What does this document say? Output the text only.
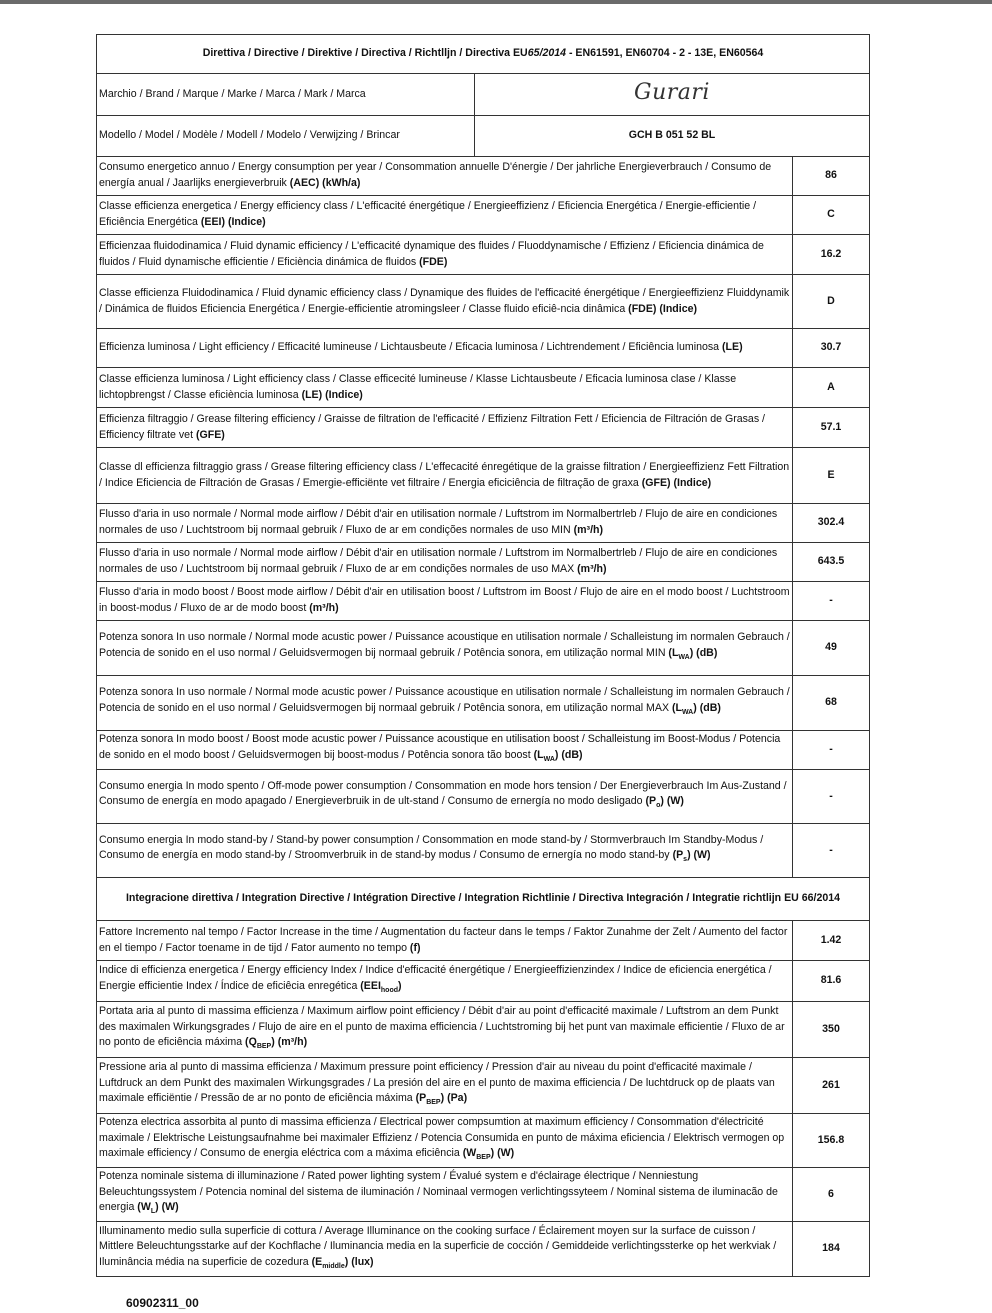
Direttiva / Directive / Direktive / Directiva / Richtlljn / Directiva EU65/2014 - EN61591, EN60704 - 2 - 13E, EN60564		
Marchio / Brand / Marque / Marke / Marca / Mark / Marca	Gurari	
Modello / Model / Modèle / Modell / Modelo / Verwijzing / Brincar	GCH B 051 52 BL	
Consumo energetico annuo / Energy consumption per year / Consommation annuelle D'énergie / Der jahrliche Energieverbrauch / Consumo de energía anual / Jaarlijks energieverbruik (AEC) (kWh/a)		86
Classe efficienza energetica / Energy efficiency class / L'efficacité énergétique / Energieeffizienz / Eficiencia Energética / Energie-efficientie / Eficiência Energética (EEI) (Indice)		C
Efficienzaa fluidodinamica / Fluid dynamic efficiency / L'efficacité dynamique des fluides / Fluoddynamische / Effizienz / Eficiencia dinámica de fluidos / Fluid dynamische efficientie / Eficiència dinámica de fluidos (FDE)		16.2
Classe efficienza Fluidodinamica / Fluid dynamic efficiency class / Dynamique des fluides de l'efficacité énergétique / Energieeffizienz Fluiddynamik / Dinámica de fluidos Eficiencia Energética / Energie-efficientie atromingsleer / Classe fluido eficiê-ncia dinâmica (FDE) (Indice)		D
Efficienza luminosa / Light efficiency / Efficacité lumineuse / Lichtausbeute / Eficacia luminosa / Lichtrendement / Eficiência luminosa (LE)		30.7
Classe efficienza luminosa / Light efficiency class / Classe efficecité lumineuse / Klasse Lichtausbeute / Eficacia luminosa clase / Klasse lichtopbrengst / Classe eficiència luminosa (LE) (Indice)		A
Efficienza filtraggio / Grease filtering efficiency / Graisse de filtration de l'efficacité / Effizienz Filtration Fett / Eficiencia de Filtración de Grasas / Efficiency filtrate vet (GFE)		57.1
Classe dl efficienza filtraggio grass / Grease filtering efficiency class / L'effecacité énregétique de la graisse filtration / Energieeffizienz Fett Filtration / Indice Eficiencia de Filtración de Grasas / Emergie-efficiënte vet filtraire / Energia eficiciência de filtração de graxa (GFE) (Indice)		E
Flusso d'aria in uso normale / Normal mode airflow / Débit d'air en utilisation normale / Luftstrom im Normalbertrleb / Flujo de aire en condiciones normales de uso / Luchtstroom bij normaal gebruik / Fluxo de ar em condições normales de uso MIN (m³/h)		302.4
Flusso d'aria in uso normale / Normal mode airflow / Débit d'air en utilisation normale / Luftstrom im Normalbertrleb / Flujo de aire en condiciones normales de uso / Luchtstroom bij normaal gebruik / Fluxo de ar em condições normales de uso MAX (m³/h)		643.5
Flusso d'aria in modo boost / Boost mode airflow / Débit d'air en utilisation boost / Luftstrom im Boost / Flujo de aire en el modo boost / Luchtstroom in boost-modus / Fluxo de ar de modo boost (m³/h)		-
Potenza sonora In uso normale / Normal mode acustic power / Puissance acoustique en utilisation normale / Schalleistung im normalen Gebrauch / Potencia de sonido en el uso normal / Geluidsvermogen bij normaal gebruik / Potência sonora, em utilização normal MIN $(L_{WA})$ (dB)		49
Potenza sonora In uso normale / Normal mode acustic power / Puissance acoustique en utilisation normale / Schalleistung im normalen Gebrauch / Potencia de sonido en el uso normal / Geluidsvermogen bij normaal gebruik / Potência sonora, em utilização normal MAX $(L_{WA})$ (dB)		68
Potenza sonora In modo boost / Boost mode acustic power / Puissance acoustique en utilisation boost / Schalleistung im Boost-Modus / Potencia de sonido en el modo boost / Geluidsvermogen bij boost-modus / Potência sonora tão boost $(L_{WA})$ (dB)		-
Consumo energia In modo spento / Off-mode power consumption / Consommation en mode hors tension / Der Energieverbrauch Im Aus-Zustand / Consumo de energía en modo apagado / Energieverbruik in de ult-stand / Consumo de ernergía no modo desligado $(P_o)$ (W)		-
Consumo energia In modo stand-by / Stand-by power consumption / Consommation en mode stand-by / Stormverbrauch Im Standby-Modus / Consumo de energía en modo stand-by / Stroomverbruik in de stand-by modus / Consumo de ernergía no modo stand-by $(P_s)$ (W)		-
Integracione direttiva / Integration Directive / Intégration Directive / Integration Richtlinie / Directiva Integración / Integratie richtlijn EU 66/2014		
Fattore Incremento nal tempo / Factor Increase in the time / Augmentation du facteur dans le temps / Faktor Zunahme der Zelt / Aumento del factor en el tiempo / Factor toename in de tijd / Fator aumento no tempo (f)		1.42
Indice di efficienza energetica / Energy efficiency Index / Indice d'efficacité énergétique / Energieeffizienzindex / Indice de eficiencia energética / Energie efficientie Index / Índice de eficiêcia enregética $(EEI_{hood})$		81.6
Portata aria al punto di massima efficienza / Maximum airflow point efficiency / Débit d'air au point d'efficacité maximale / Luftstrom an dem Punkt des maximalen Wirkungsgrades / Flujo de aire en el punto de maxima efficiencia / Luchtstroming bij het punt van maximale efficientie / Fluxo de ar no ponto de eficiência máxima $(Q_{BEP})$ (m³/h)		350
Pressione aria al punto di massima efficienza / Maximum pressure point efficiency / Pression d'air au niveau du point d'efficacité maximale / Luftdruck an dem Punkt des maximalen Wirkungsgrades / La presión del aire en el punto de maxima efficiencia / De luchtdruck op de plaats van maximale efficiëntie / Pressão de ar no ponto de eficiência máxima $(P_{BEP})$ (Pa)		261
Potenza electrica assorbita al punto di massima efficienza / Electrical power compsumtion at maximum efficiency / Consommation d'électricité maximale / Elektrische Leistungsaufnahme bei maximaler Effizienz / Potencia Consumida en punto de máxima eficiencia / Elektrisch vermogen op maximale efficiency / Consumo de energia eléctrica com a máxima eficiência $(W_{BEP})$ (W)		156.8
Potenza nominale sistema di illuminazione / Rated power lighting system / Évalué system e d'éclairage électrique / Nenniestung Beleuchtungssystem / Potencia nominal del sistema de iluminación / Nominaal vermogen verlichtingssyteem / Nominal sistema de iluminacão de energia $(W_L)$ (W)		6
Illuminamento medio sulla superficie di cottura / Average Illuminance on the cooking surface / Éclairement moyen sur la surface de cuisson / Mittlere Beleuchtungsstarke auf der Kochflache / Iluminancia media en la superficie de cocción / Gemiddeide verlichtingssterke op het werkviak / Iluminância média na superficie de cozedura $(E_{middle})$ (lux)		184
60902311_00
